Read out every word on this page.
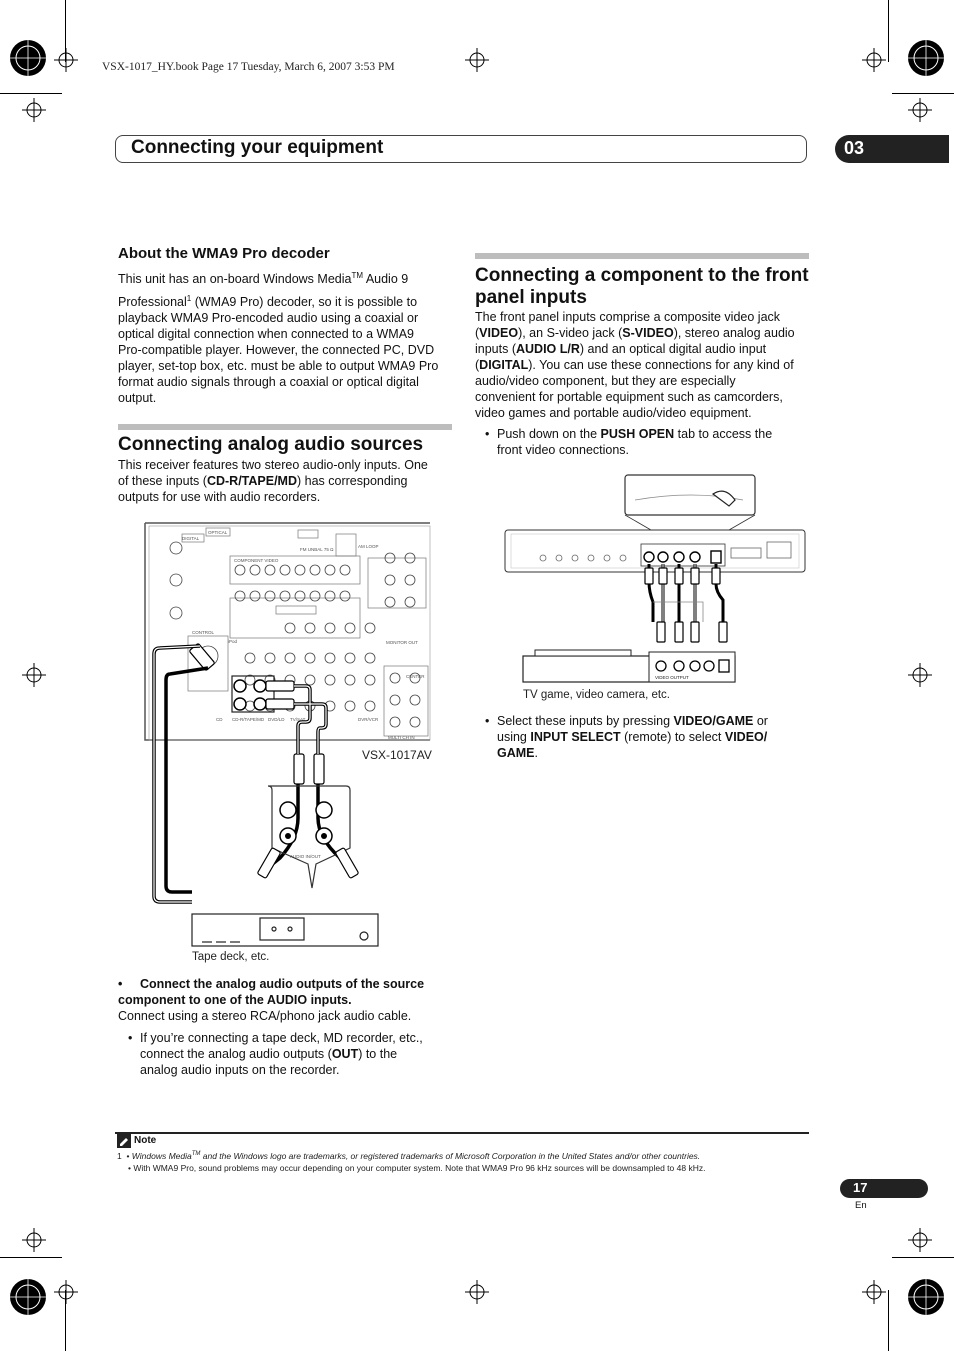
VSX-1017_HY.book Page 17 Tuesday, March 6, 2007 3:53 PM
Connecting your equipment	03
About the WMA9 Pro decoder
This unit has an on-board Windows Media™ Audio 9
Professional$^1$ (WMA9 Pro) decoder, so it is possible to
playback WMA9 Pro-encoded audio using a coaxial or
optical digital connection when connected to a WMA9
Pro-compatible player. However, the connected PC, DVD
player, set-top box, etc. must be able to output WMA9 Pro
format audio signals through a coaxial or optical digital
output.
Connecting analog audio sources
This receiver features two stereo audio-only inputs. One
of these inputs (CD-R/TAPE/MD) has corresponding
outputs for use with audio recorders.
DIGITAL
OPTICAL
COMPONENT VIDEO
FM UNBAL 75 Ω
AM LOOP
CONTROL
iPod
CD CD-R/TAPE/MD DVD/LD TV/SAT	DVR/VCR
CENTER
MONITOR OUT
AUDIO IN/OUT
MULTI CH IN
VSX-1017AV
Tape deck, etc.
• Connect the analog audio outputs of the source
component to one of the AUDIO inputs.
Connect using a stereo RCA/phono jack audio cable.
• If you’re connecting a tape deck, MD recorder, etc.,
connect the analog audio outputs (OUT) to the
analog audio inputs on the recorder.
Connecting a component to the front
panel inputs
The front panel inputs comprise a composite video jack
(VIDEO), an S-video jack (S-VIDEO), stereo analog audio
inputs (AUDIO L/R) and an optical digital audio input
(DIGITAL). You can use these connections for any kind of
audio/video component, but they are especially
convenient for portable equipment such as camcorders,
video games and portable audio/video equipment.
• Push down on the PUSH OPEN tab to access the
front video connections.
VIDEO OUTPUT
TV game, video camera, etc.
• Select these inputs by pressing VIDEO/GAME or
using INPUT SELECT (remote) to select VIDEO/
GAME.
Note
1  • Windows Media™ and the Windows logo are trademarks, or registered trademarks of Microsoft Corporation in the United States and/or other countries.
• With WMA9 Pro, sound problems may occur depending on your computer system. Note that WMA9 Pro 96 kHz sources will be downsampled to 48 kHz.
17
En
